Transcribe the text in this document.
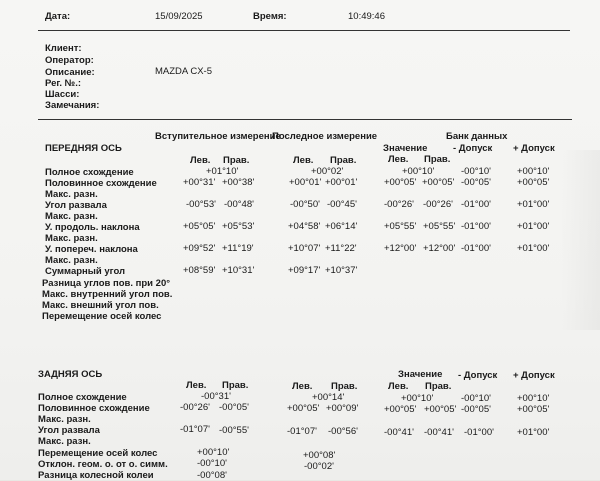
Дата:	15/09/2025	Время:	10:49:46
Клиент:
Оператор:
Описание:	MAZDA CX-5
Рег. №.:
Шасси:
Замечания:
Вступительное измерение
Последное измерение	Банк данных
ПЕРЕДНЯЯ ОСЬ	Значение	- Допуск + Допуск
Лев. Прав.	Лев. Прав.	Лев. Прав.
Полное схождение	+01°10'	+00°02'	+00°10'	-00°10'	+00°10'
Половинное схождение	+00°31' +00°38'	+00°01' +00°01'	+00°05' +00°05' -00°05'	+00°05'
Макс. разн.
Угол развала	-00°53' -00°48'	-00°50' -00°45'	-00°26' -00°26' -01°00'	+01°00'
Макс. разн.
У. продоль. наклона	+05°05' +05°53'	+04°58' +06°14'	+05°55' +05°55' -01°00'	+01°00'
Макс. разн.
У. попереч. наклона	+09°52' +11°19'	+10°07' +11°22'	+12°00' +12°00' -01°00'	+01°00'
Макс. разн.
Суммарный угол	+08°59' +10°31'	+09°17' +10°37'
Разница углов пов. при 20°
Макс. внутренний угол пов.
Макс. внешний угол пов.
Перемещение осей колес
ЗАДНЯЯ ОСЬ	Значение - Допуск + Допуск
Лев. Прав.	Лев. Прав.	Лев. Прав.
Полное схождение	-00°31'	+00°14'	+00°10'	-00°10'	+00°10'
Половинное схождение	-00°26' -00°05'	+00°05' +00°09'	+00°05' +00°05' -00°05'	+00°05'
Макс. разн.
Угол развала	-01°07' -00°55'	-01°07' -00°56'	-00°41' -00°41' -01°00' +01°00'
Макс. разн.
Перемещение осей колес	+00°10'	+00°08'
Отклон. геом. о. от о. симм.	-00°10'	-00°02'
Разница колесной колеи	-00°08'
